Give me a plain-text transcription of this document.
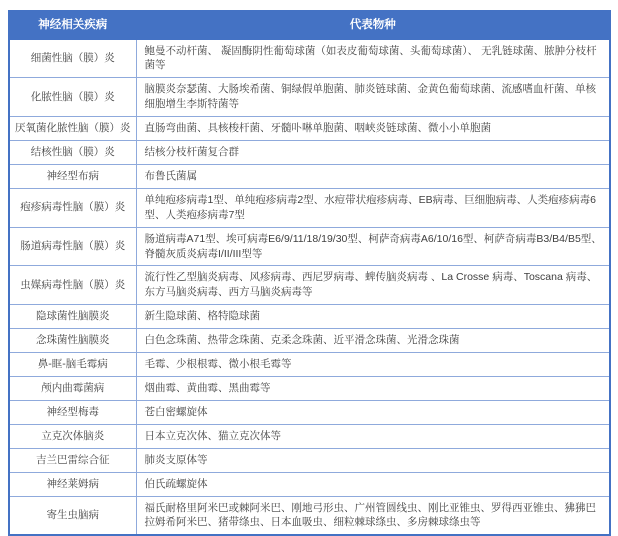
神经相关疾病	代表物种
细菌性脑（膜）炎	鲍曼不动杆菌、 凝固酶阴性葡萄球菌（如表皮葡萄球菌、头葡萄球菌）、 无乳链球菌、脓肿分枝杆菌等
化脓性脑（膜）炎	脑膜炎奈瑟菌、大肠埃希菌、铜绿假单胞菌、肺炎链球菌、金黄色葡萄球菌、流感嗜血杆菌、单核细胞增生李斯特菌等
厌氧菌化脓性脑（膜）炎	直肠弯曲菌、具核梭杆菌、牙髓卟啉单胞菌、咽峡炎链球菌、微小小单胞菌
结核性脑（膜）炎	结核分枝杆菌复合群
神经型布病	布鲁氏菌属
疱疹病毒性脑（膜）炎	单纯疱疹病毒1型、单纯疱疹病毒2型、水痘带状疱疹病毒、EB病毒、巨细胞病毒、人类疱疹病毒6型、人类疱疹病毒7型
肠道病毒性脑（膜）炎	肠道病毒A71型、埃可病毒E6/9/11/18/19/30型、柯萨奇病毒A6/10/16型、柯萨奇病毒B3/B4/B5型、脊髓灰质炎病毒I/II/III型等
虫媒病毒性脑（膜）炎	流行性乙型脑炎病毒、风疹病毒、西尼罗病毒、蜱传脑炎病毒 、La Crosse 病毒、Toscana 病毒、东方马脑炎病毒、西方马脑炎病毒等
隐球菌性脑膜炎	新生隐球菌、格特隐球菌
念珠菌性脑膜炎	白色念珠菌、热带念珠菌、克柔念珠菌、近平滑念珠菌、光滑念珠菌
鼻-眶-脑毛霉病	毛霉、少根根霉、微小根毛霉等
颅内曲霉菌病	烟曲霉、黄曲霉、黑曲霉等
神经型梅毒	苍白密螺旋体
立克次体脑炎	日本立克次体、猫立克次体等
吉兰巴雷综合征	肺炎支原体等
神经莱姆病	伯氏疏螺旋体
寄生虫脑病	福氏耐格里阿米巴或棘阿米巴、刚地弓形虫、广州管圆线虫、刚比亚锥虫、罗得西亚锥虫、狒狒巴拉姆希阿米巴、猪带绦虫、日本血吸虫、细粒棘球绦虫、多房棘球绦虫等
